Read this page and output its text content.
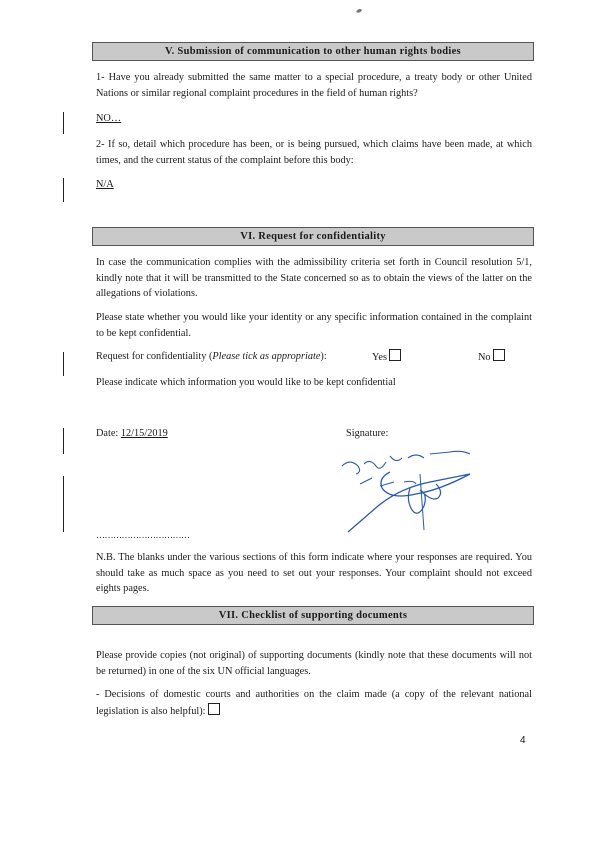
V. Submission of communication to other human rights bodies
1- Have you already submitted the same matter to a special procedure, a treaty body or other United Nations or similar regional complaint procedures in the field of human rights?
NO…
2- If so, detail which procedure has been, or is being pursued, which claims have been made, at which times, and the current status of the complaint before this body:
N/A
VI. Request for confidentiality
In case the communication complies with the admissibility criteria set forth in Council resolution 5/1, kindly note that it will be transmitted to the State concerned so as to obtain the views of the latter on the allegations of violations.
Please state whether you would like your identity or any specific information contained in the complaint to be kept confidential.
Request for confidentiality (Please tick as appropriate):	Yes	No
Please indicate which information you would like to be kept confidential
Date: 12/15/2019	Signature:
……………………………
N.B. The blanks under the various sections of this form indicate where your responses are required. You should take as much space as you need to set out your responses. Your complaint should not exceed eights pages.
VII. Checklist of supporting documents
Please provide copies (not original) of supporting documents (kindly note that these documents will not be returned) in one of the six UN official languages.
- Decisions of domestic courts and authorities on the claim made (a copy of the relevant national legislation is also helpful):
4
